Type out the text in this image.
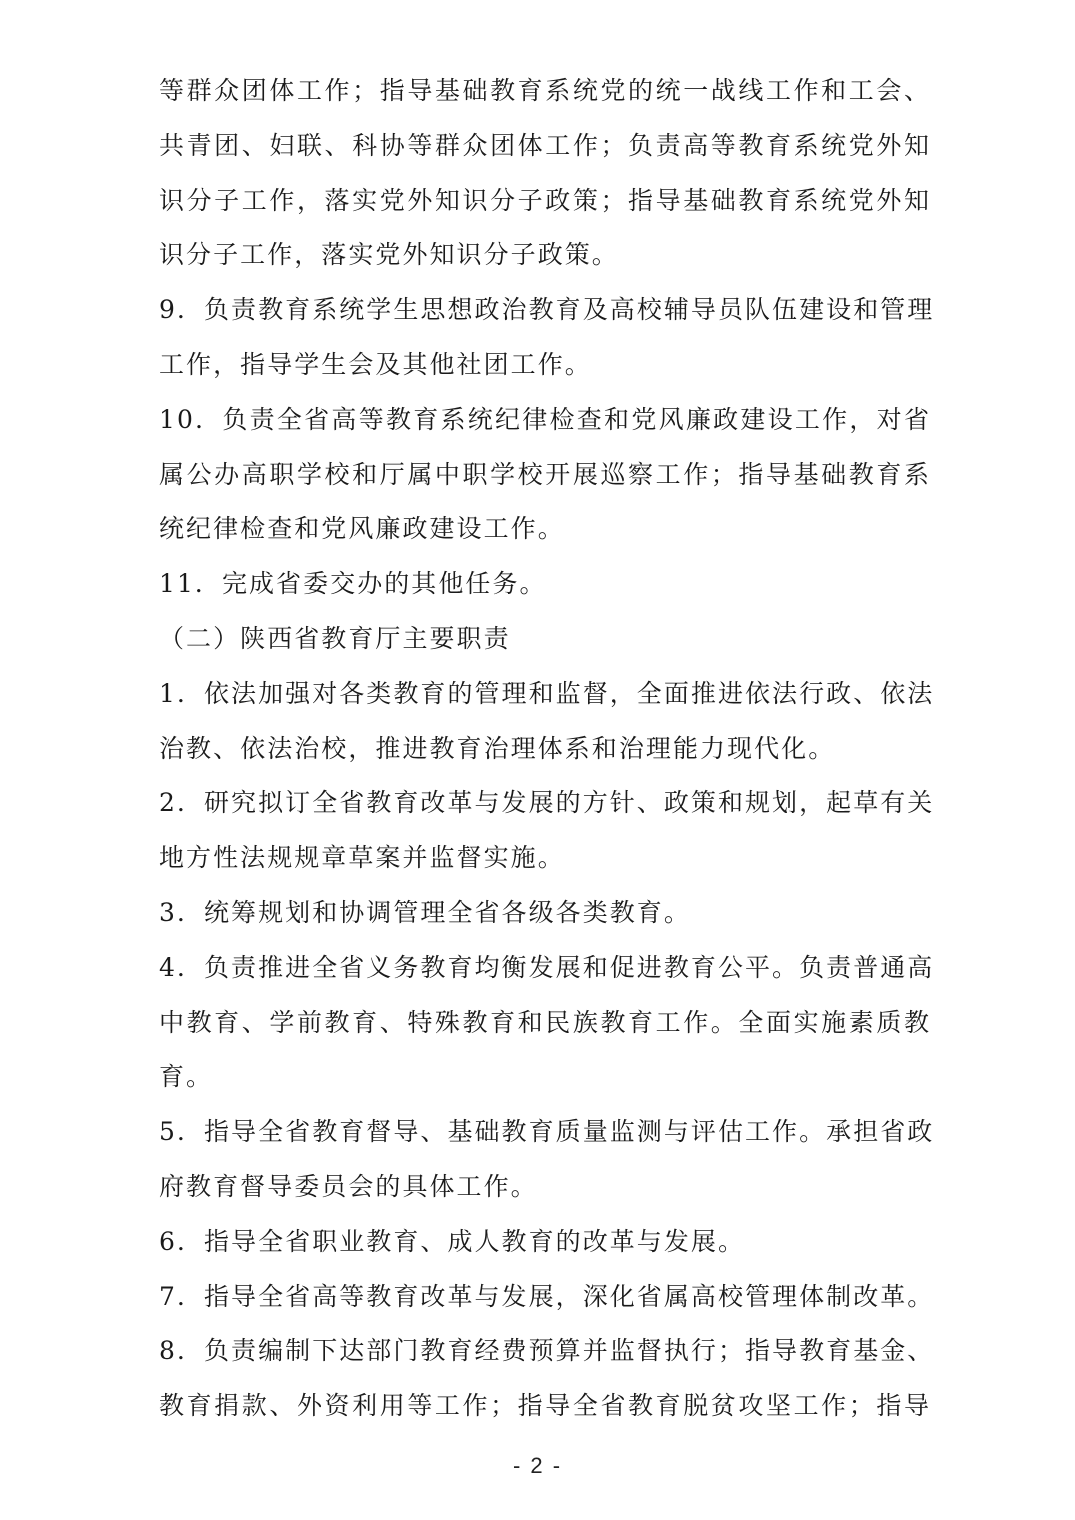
等群众团体工作；指导基础教育系统党的统一战线工作和工会、
共青团、妇联、科协等群众团体工作；负责高等教育系统党外知
识分子工作，落实党外知识分子政策；指导基础教育系统党外知
识分子工作，落实党外知识分子政策。
9．负责教育系统学生思想政治教育及高校辅导员队伍建设和管理
工作，指导学生会及其他社团工作。
10．负责全省高等教育系统纪律检查和党风廉政建设工作，对省
属公办高职学校和厅属中职学校开展巡察工作；指导基础教育系
统纪律检查和党风廉政建设工作。
11．完成省委交办的其他任务。
（二）陕西省教育厅主要职责
1．依法加强对各类教育的管理和监督，全面推进依法行政、依法
治教、依法治校，推进教育治理体系和治理能力现代化。
2．研究拟订全省教育改革与发展的方针、政策和规划，起草有关
地方性法规规章草案并监督实施。
3．统筹规划和协调管理全省各级各类教育。
4．负责推进全省义务教育均衡发展和促进教育公平。负责普通高
中教育、学前教育、特殊教育和民族教育工作。全面实施素质教
育。
5．指导全省教育督导、基础教育质量监测与评估工作。承担省政
府教育督导委员会的具体工作。
6．指导全省职业教育、成人教育的改革与发展。
7．指导全省高等教育改革与发展，深化省属高校管理体制改革。
8．负责编制下达部门教育经费预算并监督执行；指导教育基金、
教育捐款、外资利用等工作；指导全省教育脱贫攻坚工作；指导
- 2 -
